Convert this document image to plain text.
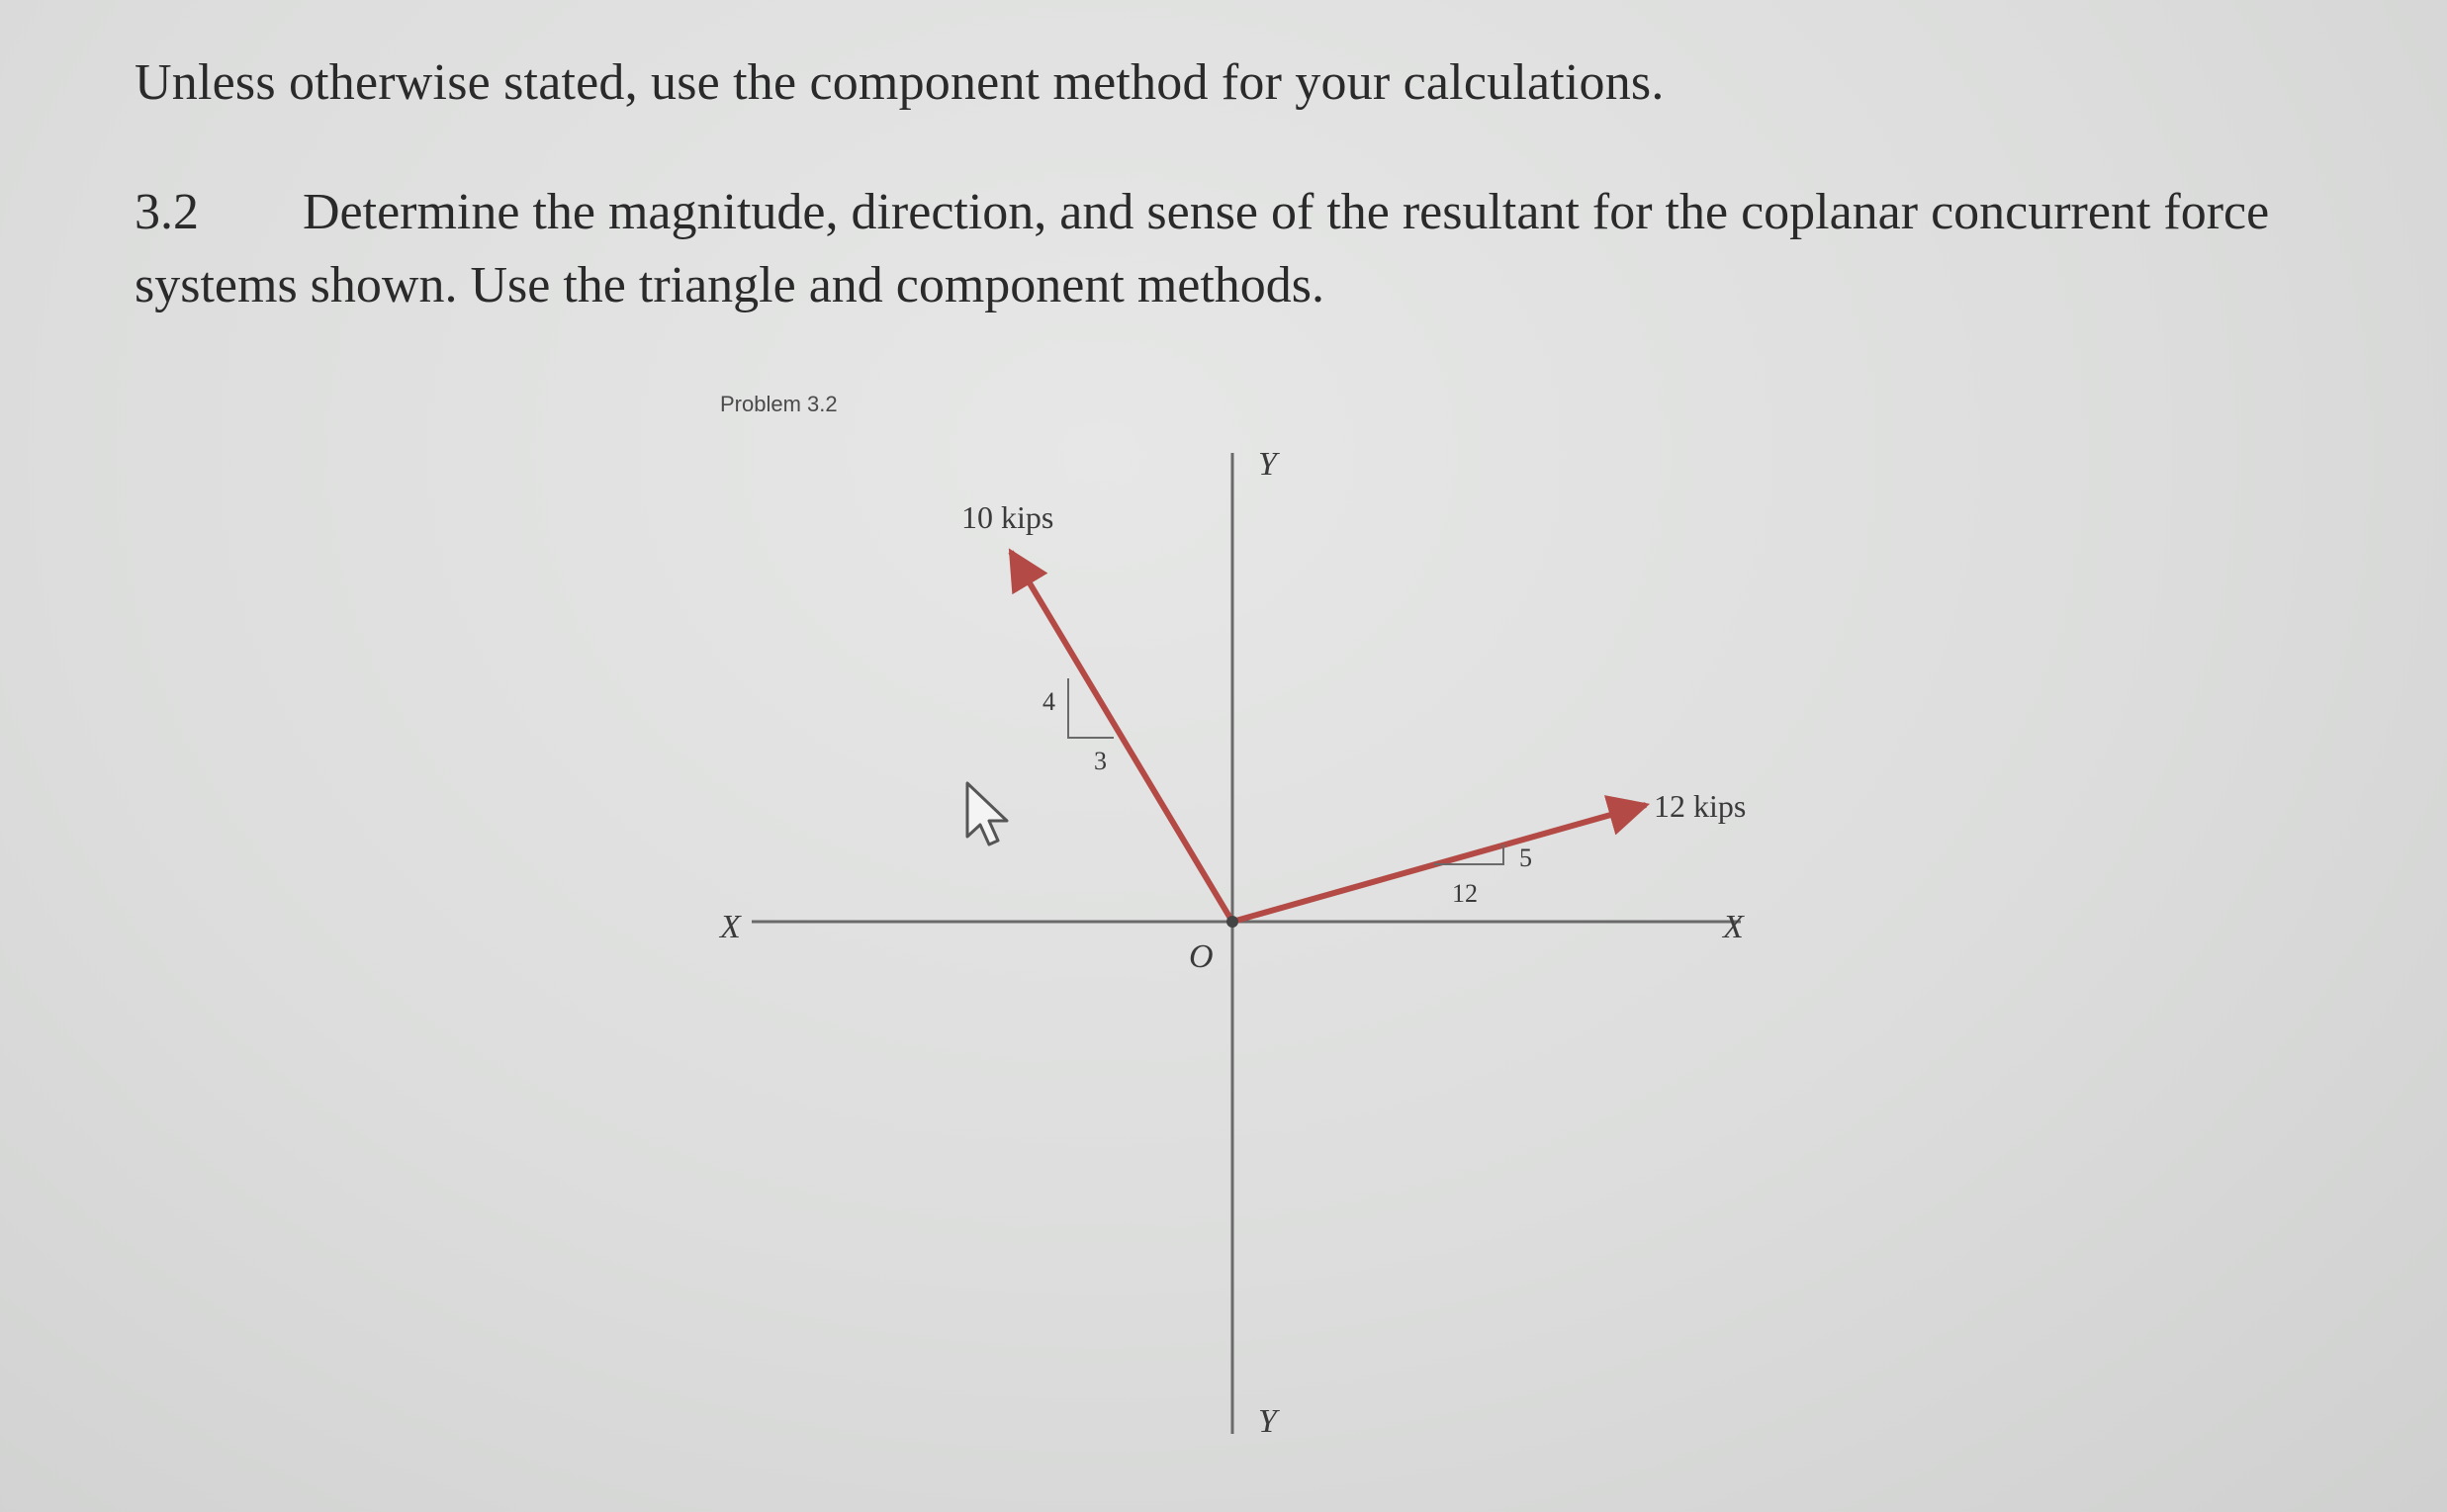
Unless otherwise stated, use the component method for your calculations.
3.2 Determine the magnitude, direction, and sense of the resultant for the coplanar concurrent force systems shown. Use the triangle and component methods.
Problem 3.2
X	X
Y
Y
O
10 kips
4
3
12 kips
5
12
